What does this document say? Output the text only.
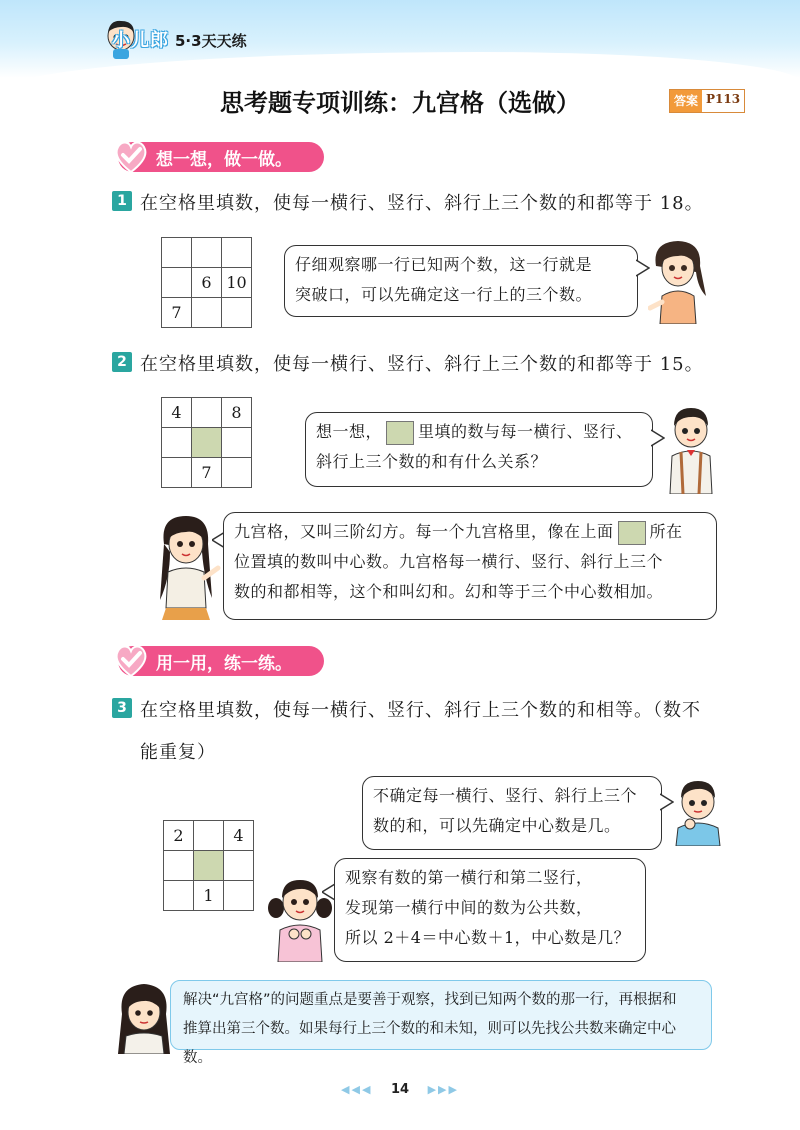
小儿郎 5·3天天练
思考题专项训练：九宫格（选做）	答案 P113
想一想，做一做。
1 在空格里填数，使每一横行、竖行、斜行上三个数的和都等于 18。

	6	10
7		
仔细观察哪一行已知两个数，这一行就是
突破口，可以先确定这一行上的三个数。
2 在空格里填数，使每一横行、竖行、斜行上三个数的和都等于 15。
4		8

	7	
想一想， 里填的数与每一横行、竖行、
斜行上三个数的和有什么关系？
九宫格，又叫三阶幻方。每一个九宫格里，像在上面 所在
位置填的数叫中心数。九宫格每一横行、竖行、斜行上三个
数的和都相等，这个和叫幻和。幻和等于三个中心数相加。
用一用，练一练。
3 在空格里填数，使每一横行、竖行、斜行上三个数的和相等。（数不
能重复）
2		4

	1	
不确定每一横行、竖行、斜行上三个
数的和，可以先确定中心数是几。
观察有数的第一横行和第二竖行，
发现第一横行中间的数为公共数，
所以 2＋4＝中心数＋1，中心数是几？
解决“九宫格”的问题重点是要善于观察，找到已知两个数的那一行，再根据和
推算出第三个数。如果每行上三个数的和未知，则可以先找公共数来确定中心数。
◀◀◀ 14 ▶▶▶
